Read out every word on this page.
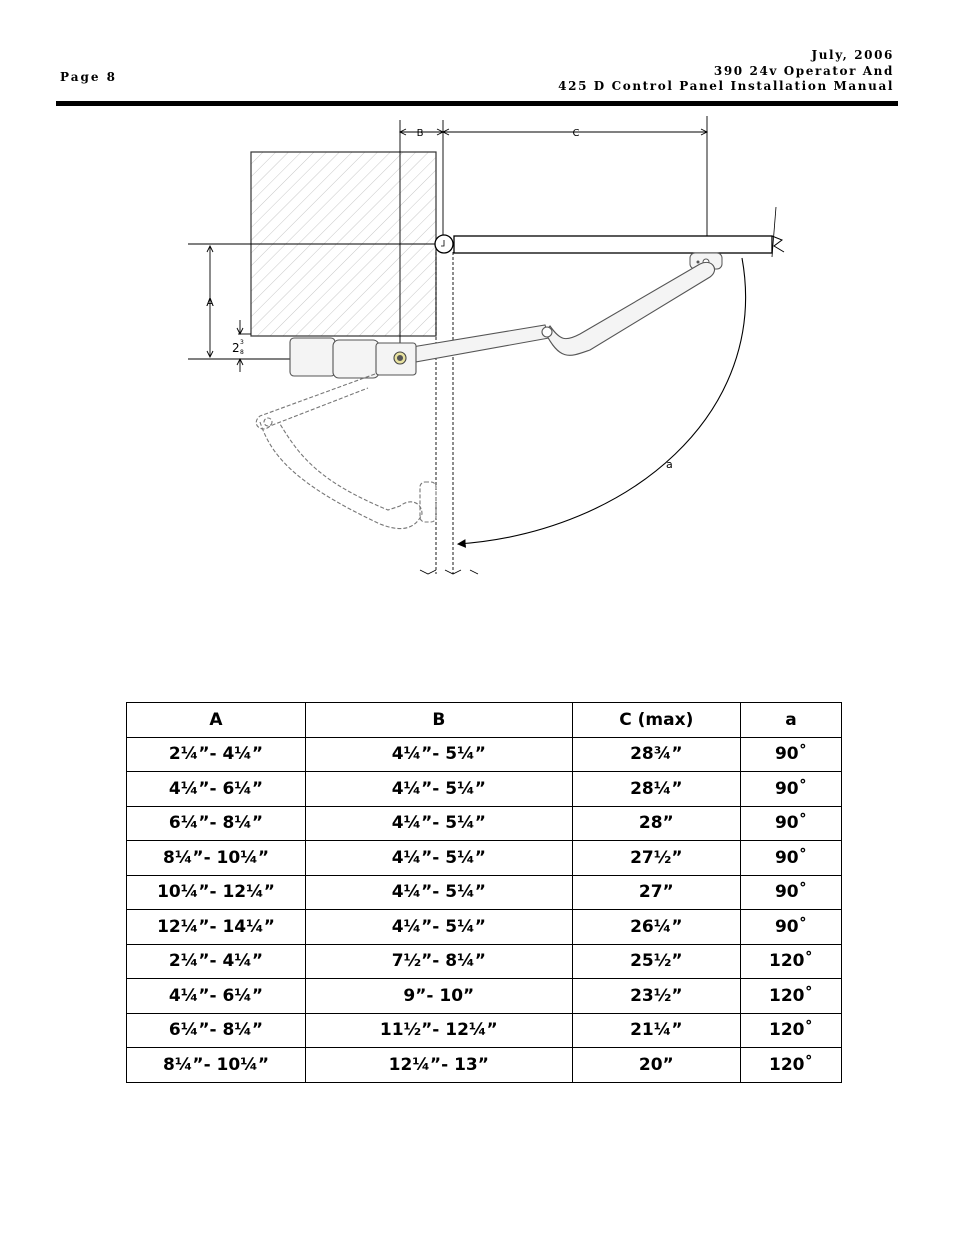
Page 8
July, 2006
390 24v Operator And
425 D Control Panel Installation Manual
B	C
A
2 3
8
a
A	B	C (max)	a
2¼”- 4¼”	4¼”- 5¼”	28¾”	90˚
4¼”- 6¼”	4¼”- 5¼”	28¼”	90˚
6¼”- 8¼”	4¼”- 5¼”	28”	90˚
8¼”- 10¼”	4¼”- 5¼”	27½”	90˚
10¼”- 12¼”	4¼”- 5¼”	27”	90˚
12¼”- 14¼”	4¼”- 5¼”	26¼”	90˚
2¼”- 4¼”	7½”- 8¼”	25½”	120˚
4¼”- 6¼”	9”- 10”	23½”	120˚
6¼”- 8¼”	11½”- 12¼”	21¼”	120˚
8¼”- 10¼”	12¼”- 13”	20”	120˚
